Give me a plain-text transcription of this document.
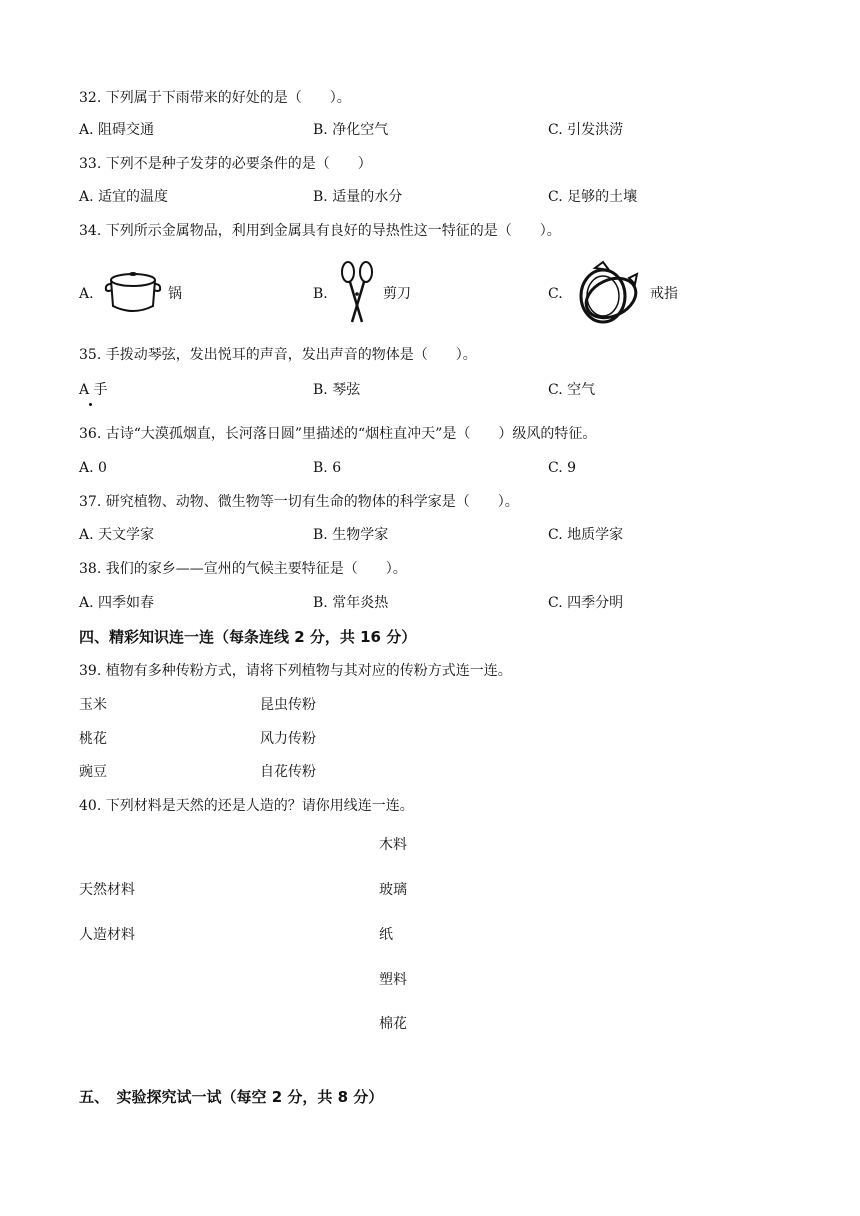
32. 下列属于下雨带来的好处的是（　　）。
A. 阻碍交通	B. 净化空气	C. 引发洪涝
33. 下列不是种子发芽的必要条件的是（　　）
A. 适宜的温度	B. 适量的水分	C. 足够的土壤
34. 下列所示金属物品，利用到金属具有良好的导热性这一特征的是（　　）。
A.	锅	B.	剪刀	C.	戒指
35. 手拨动琴弦，发出悦耳的声音，发出声音的物体是（　　）。
A 手	B. 琴弦	C. 空气
36. 古诗“大漠孤烟直，长河落日圆”里描述的“烟柱直冲天”是（　　）级风的特征。
A. 0	B. 6	C. 9
37. 研究植物、动物、微生物等一切有生命的物体的科学家是（　　）。
A. 天文学家	B. 生物学家	C. 地质学家
38. 我们的家乡——宣州的气候主要特征是（　　）。
A. 四季如春	B. 常年炎热	C. 四季分明
四、精彩知识连一连（每条连线 2 分，共 16 分）
39. 植物有多种传粉方式，请将下列植物与其对应的传粉方式连一连。
玉米	昆虫传粉
桃花	风力传粉
豌豆	自花传粉
40. 下列材料是天然的还是人造的？请你用线连一连。
木料
天然材料	玻璃
人造材料	纸
塑料
棉花
五、　实验探究试一试（每空 2 分，共 8 分）
